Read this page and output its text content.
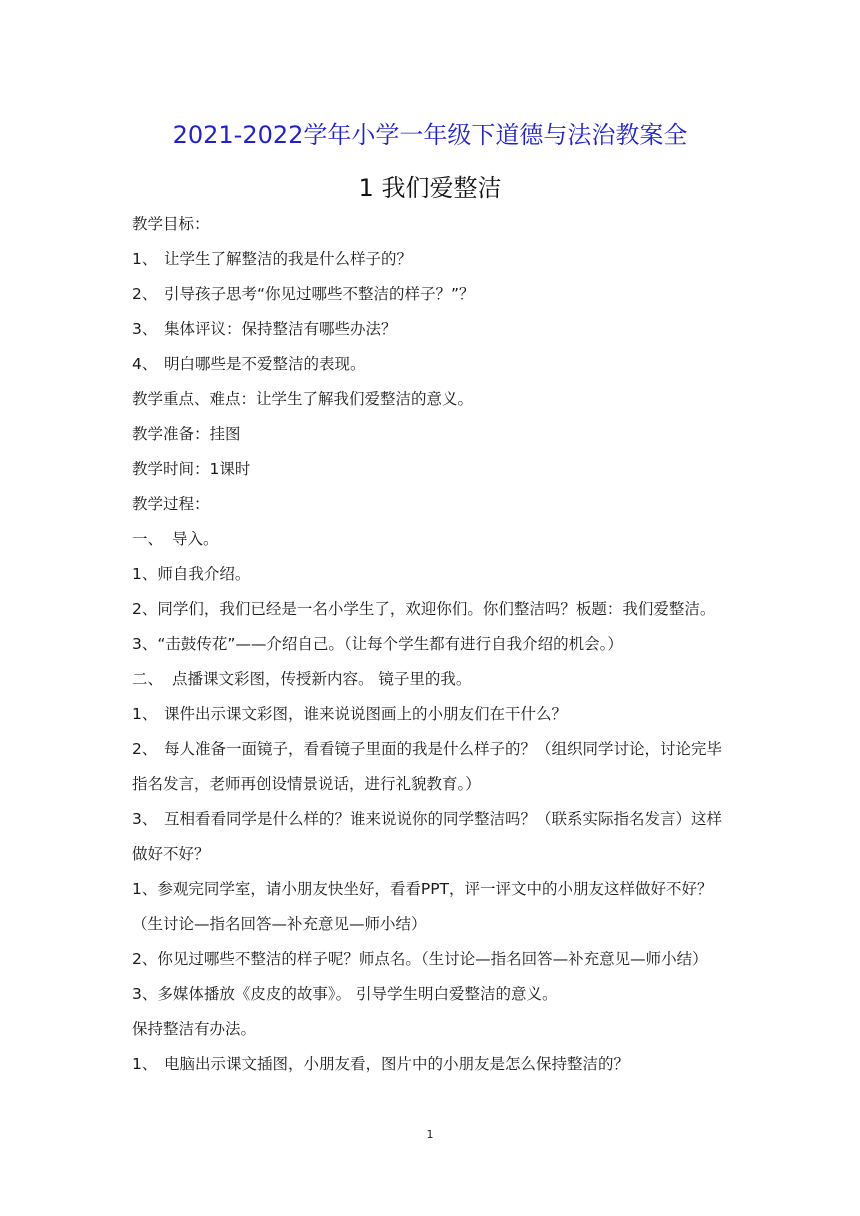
2021-2022学年小学一年级下道德与法治教案全
1 我们爱整洁
教学目标：
1、 让学生了解整洁的我是什么样子的？
2、 引导孩子思考“你见过哪些不整洁的样子？”？
3、 集体评议：保持整洁有哪些办法？
4、 明白哪些是不爱整洁的表现。
教学重点、难点：让学生了解我们爱整洁的意义。
教学准备：挂图
教学时间：1课时
教学过程：
一、 导入。
1、师自我介绍。
2、同学们，我们已经是一名小学生了，欢迎你们。你们整洁吗？板题：我们爱整洁。
3、“击鼓传花”——介绍自己。（让每个学生都有进行自我介绍的机会。）
二、 点播课文彩图，传授新内容。 镜子里的我。
1、 课件出示课文彩图，谁来说说图画上的小朋友们在干什么？
2、 每人准备一面镜子，看看镜子里面的我是什么样子的？（组织同学讨论，讨论完毕指名发言，老师再创设情景说话，进行礼貌教育。）
3、 互相看看同学是什么样的？谁来说说你的同学整洁吗？（联系实际指名发言）这样做好不好？
1、参观完同学室，请小朋友快坐好，看看PPT，评一评文中的小朋友这样做好不好？（生讨论—指名回答—补充意见—师小结）
2、你见过哪些不整洁的样子呢？师点名。（生讨论—指名回答—补充意见—师小结）
3、多媒体播放《皮皮的故事》。 引导学生明白爱整洁的意义。
保持整洁有办法。
1、 电脑出示课文插图，小朋友看，图片中的小朋友是怎么保持整洁的？
1
